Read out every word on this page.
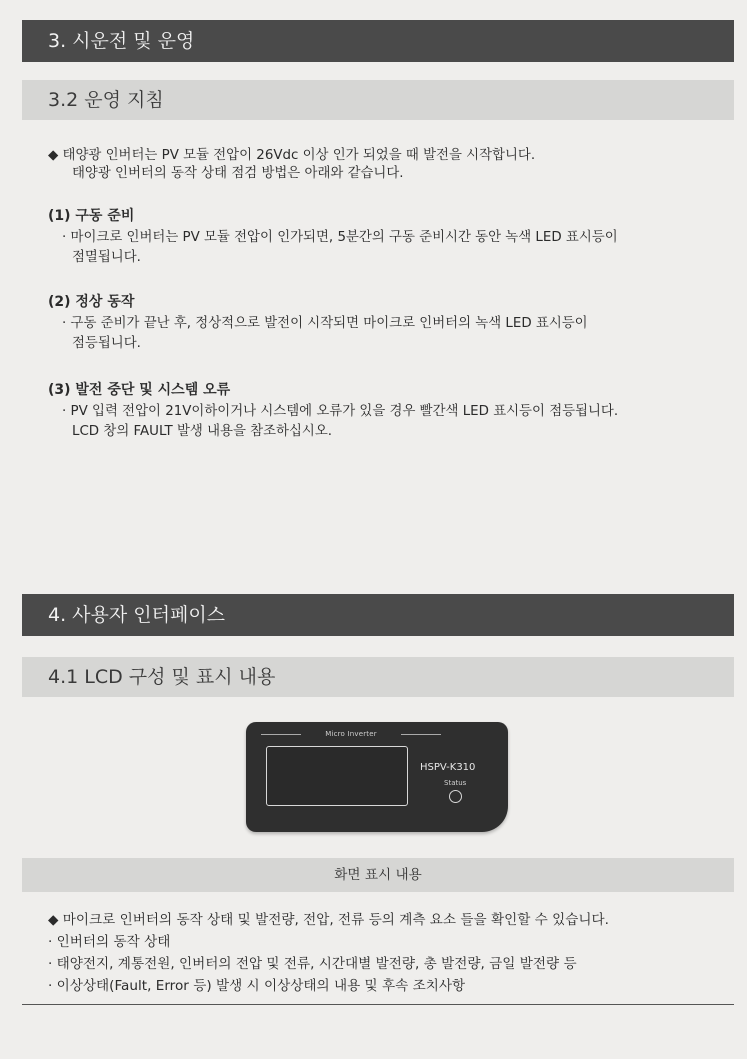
3. 시운전 및 운영
3.2 운영 지침
◆ 태양광 인버터는 PV 모듈 전압이 26Vdc 이상 인가 되었을 때 발전을 시작합니다.
태양광 인버터의 동작 상태 점검 방법은 아래와 같습니다.
(1) 구동 준비
· 마이크로 인버터는 PV 모듈 전압이 인가되면, 5분간의 구동 준비시간 동안 녹색 LED 표시등이
점멸됩니다.
(2) 정상 동작
· 구동 준비가 끝난 후, 정상적으로 발전이 시작되면 마이크로 인버터의 녹색 LED 표시등이
점등됩니다.
(3) 발전 중단 및 시스템 오류
· PV 입력 전압이 21V이하이거나 시스템에 오류가 있을 경우 빨간색 LED 표시등이 점등됩니다.
LCD 창의 FAULT 발생 내용을 참조하십시오.
4. 사용자 인터페이스
4.1 LCD 구성 및 표시 내용
Micro Inverter
HSPV-K310
Status
화면 표시 내용
◆ 마이크로 인버터의 동작 상태 및 발전량, 전압, 전류 등의 계측 요소 들을 확인할 수 있습니다.
· 인버터의 동작 상태
· 태양전지, 계통전원, 인버터의 전압 및 전류, 시간대별 발전량, 총 발전량, 금일 발전량 등
· 이상상태(Fault, Error 등) 발생 시 이상상태의 내용 및 후속 조치사항
